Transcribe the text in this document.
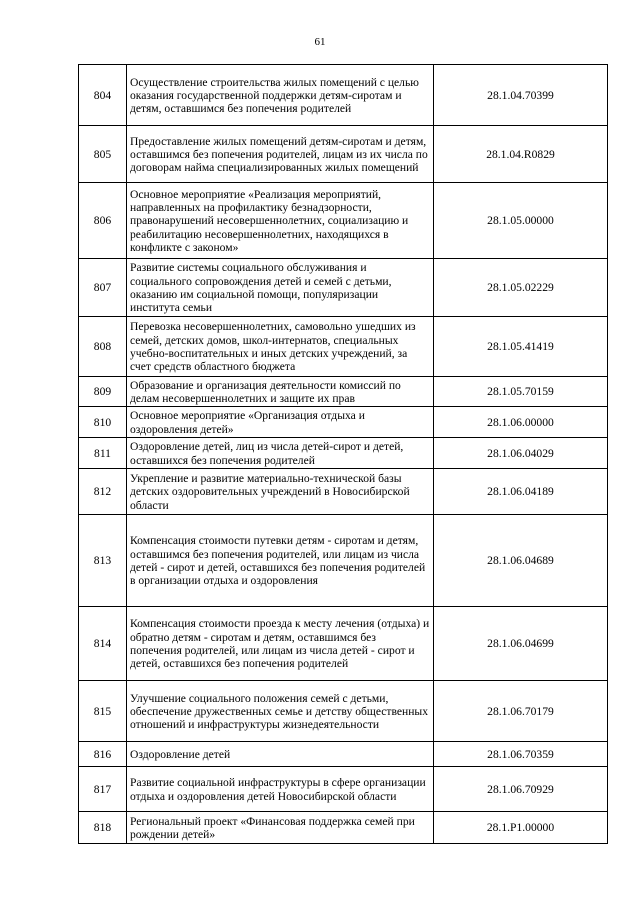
61
804	Осуществление строительства жилых помещений с целью оказания государственной поддержки детям-сиротам и детям, оставшимся без попечения родителей	28.1.04.70399
805	Предоставление жилых помещений детям-сиротам и детям, оставшимся без попечения родителей, лицам из их числа по договорам найма специализированных жилых помещений	28.1.04.R0829
806	Основное мероприятие «Реализация мероприятий, направленных на профилактику безнадзорности, правонарушений несовершеннолетних, социализацию и реабилитацию несовершеннолетних, находящихся в конфликте с законом»	28.1.05.00000
807	Развитие системы социального обслуживания и социального сопровождения детей и семей с детьми, оказанию им социальной помощи, популяризации института семьи	28.1.05.02229
808	Перевозка несовершеннолетних, самовольно ушедших из семей, детских домов, школ-интернатов, специальных учебно-воспитательных и иных детских учреждений, за счет средств областного бюджета	28.1.05.41419
809	Образование и организация деятельности комиссий по делам несовершеннолетних и защите их прав	28.1.05.70159
810	Основное мероприятие «Организация отдыха и оздоровления детей»	28.1.06.00000
811	Оздоровление детей, лиц из числа детей-сирот и детей, оставшихся без попечения родителей	28.1.06.04029
812	Укрепление и развитие материально-технической базы детских оздоровительных учреждений в Новосибирской области	28.1.06.04189
813	Компенсация стоимости путевки детям - сиротам и детям, оставшимся без попечения родителей, или лицам из числа детей - сирот и детей, оставшихся без попечения родителей в организации отдыха и оздоровления	28.1.06.04689
814	Компенсация стоимости проезда к месту лечения (отдыха) и обратно детям - сиротам и детям, оставшимся без попечения родителей, или лицам из числа детей - сирот и детей, оставшихся без попечения родителей	28.1.06.04699
815	Улучшение социального положения семей с детьми, обеспечение дружественных семье и детству общественных отношений и инфраструктуры жизнедеятельности	28.1.06.70179
816	Оздоровление детей	28.1.06.70359
817	Развитие социальной инфраструктуры в сфере организации отдыха и оздоровления детей Новосибирской области	28.1.06.70929
818	Региональный проект «Финансовая поддержка семей при рождении детей»	28.1.P1.00000
